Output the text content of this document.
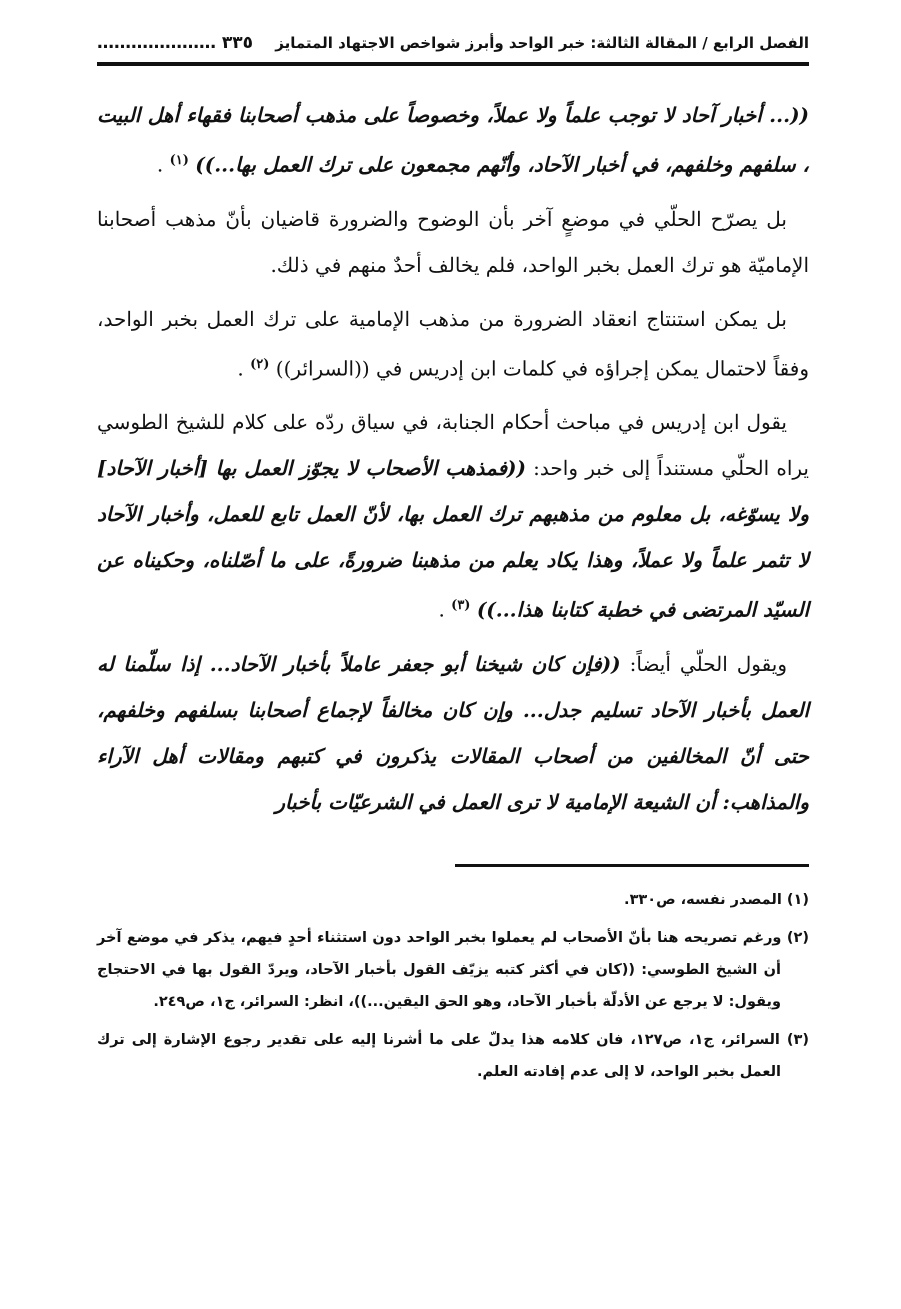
الفصل الرابع / المقالة الثالثة: خبر الواحد وأبرز شواخص الاجتهاد المتمايز
٣٣٥ …………………

((... أخبار آحاد لا توجب علماً ولا عملاً، وخصوصاً على مذهب أصحابنا فقهاء أهل البيت ، سلفهم وخلفهم، في أخبار الآحاد، وأنّهم مجمعون على ترك العمل بها...)) $^{(١)}$ .

بل يصرّح الحلّي في موضعٍ آخر بأن الوضوح والضرورة قاضيان بأنّ مذهب أصحابنا الإماميّة هو ترك العمل بخبر الواحد، فلم يخالف أحدٌ منهم في ذلك.

بل يمكن استنتاج انعقاد الضرورة من مذهب الإمامية على ترك العمل بخبر الواحد، وفقاً لاحتمال يمكن إجراؤه في كلمات ابن إدريس في ((السرائر)) $^{(٢)}$ .

يقول ابن إدريس في مباحث أحكام الجنابة، في سياق ردّه على كلام للشيخ الطوسي يراه الحلّي مستنداً إلى خبر واحد: ((فمذهب الأصحاب لا يجوّز العمل بها [أخبار الآحاد] ولا يسوّغه، بل معلوم من مذهبهم ترك العمل بها، لأنّ العمل تابع للعمل، وأخبار الآحاد لا تثمر علماً ولا عملاً، وهذا يكاد يعلم من مذهبنا ضرورةً، على ما أصّلناه، وحكيناه عن السيّد المرتضى في خطبة كتابنا هذا...)) $^{(٣)}$ .

ويقول الحلّي أيضاً: ((فإن كان شيخنا أبو جعفر عاملاً بأخبار الآحاد... إذا سلّمنا له العمل بأخبار الآحاد تسليم جدل... وإن كان مخالفاً لإجماع أصحابنا بسلفهم وخلفهم، حتى أنّ المخالفين من أصحاب المقالات يذكرون في كتبهم ومقالات أهل الآراء والمذاهب: أن الشيعة الإمامية لا ترى العمل في الشرعيّات بأخبار

(١) المصدر نفسه، ص٣٣٠.

(٢) ورغم تصريحه هنا بأنّ الأصحاب لم يعملوا بخبر الواحد دون استثناء أحدٍ فيهم، يذكر في موضع آخر أن الشيخ الطوسي: ((كان في أكثر كتبه يزيّف القول بأخبار الآحاد، ويردّ القول بها في الاحتجاج ويقول: لا يرجع عن الأدلّة بأخبار الآحاد، وهو الحق اليقين...))، انظر: السرائر، ج١، ص٢٤٩.

(٣) السرائر، ج١، ص١٢٧، فان كلامه هذا يدلّ على ما أشرنا إليه على تقدير رجوع الإشارة إلى ترك العمل بخبر الواحد، لا إلى عدم إفادته العلم.
